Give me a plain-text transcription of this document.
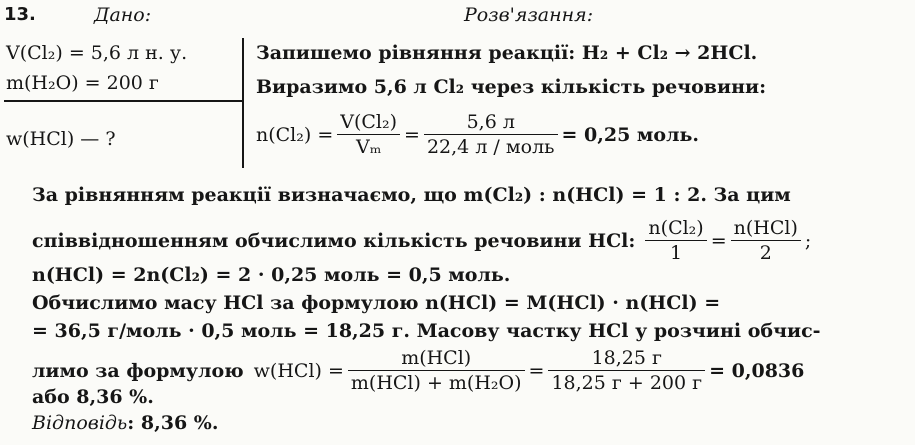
13.	Дано:	Розв'язання:
V(Cl₂) = 5,6 л н. у.
m(H₂O) = 200 г
w(HCl) — ?
Запишемо рівняння реакції: H₂ + Cl₂ → 2HCl.
Виразимо 5,6 л Cl₂ через кількість речовини:
$n(Cl_2) = \frac{\text{V(Cl₂)}}{\text{Vₘ}} = \frac{5,6 л}{\text{22,4 л / моль}} = 0,25$ моль.
За рівнянням реакції визначаємо, що m(Cl₂) : n(HCl) = 1 : 2. За цим
співвідношенням обчислимо кількість речовини HCl: $\frac{\text{n(Cl₂)}}{1} = \frac{\text{n(HCl)}}{2}$ ;
n(HCl) = 2n(Cl₂) = 2 · 0,25 моль = 0,5 моль.
Обчислимо масу HCl за формулою n(HCl) = M(HCl) · n(HCl) =
= 36,5 г/моль · 0,5 моль = 18,25 г. Масову частку HCl у розчині обчис-
лимо за формулою $w(HCl) = \frac{\text{m(HCl)}}{\text{m(HCl) + m(H₂O)}} = \frac{18,25 г}{18,25 г + 200 г} = 0,0836$
або 8,36 %.
Відповідь: 8,36 %.
